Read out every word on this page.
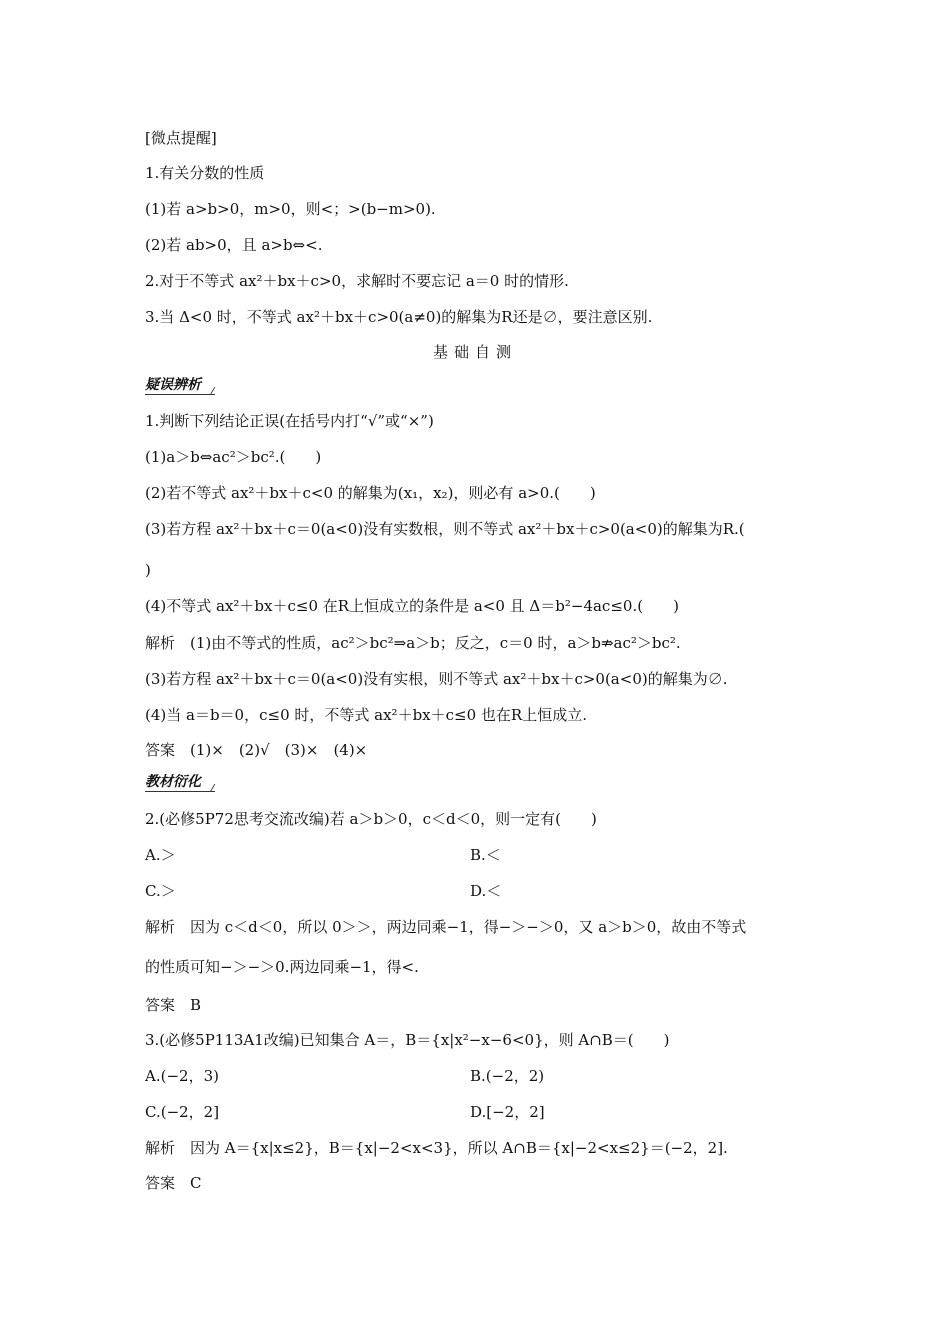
[微点提醒]
1.有关分数的性质
(1)若 a>b>0，m>0，则<；>(b−m>0).
(2)若 ab>0，且 a>b⇔<.
2.对于不等式 ax²＋bx＋c>0，求解时不要忘记 a＝0 时的情形.
3.当 Δ<0 时，不等式 ax²＋bx＋c>0(a≠0)的解集为R还是∅，要注意区别.
基础自测
疑误辨析
1.判断下列结论正误(在括号内打“√”或“×”)
(1)a＞b⇔ac²＞bc².(　　)
(2)若不等式 ax²＋bx＋c<0 的解集为(x₁，x₂)，则必有 a>0.(　　)
(3)若方程 ax²＋bx＋c＝0(a<0)没有实数根，则不等式 ax²＋bx＋c>0(a<0)的解集为R.(
)
(4)不等式 ax²＋bx＋c≤0 在R上恒成立的条件是 a<0 且 Δ＝b²−4ac≤0.(　　)
解析　(1)由不等式的性质，ac²＞bc²⇒a＞b；反之，c＝0 时，a＞b⇏ac²＞bc².
(3)若方程 ax²＋bx＋c＝0(a<0)没有实根，则不等式 ax²＋bx＋c>0(a<0)的解集为∅.
(4)当 a＝b＝0，c≤0 时，不等式 ax²＋bx＋c≤0 也在R上恒成立.
答案　(1)×　(2)√　(3)×　(4)×
教材衍化
2.(必修5P72思考交流改编)若 a＞b＞0，c＜d＜0，则一定有(　　)
A.＞	B.＜
C.＞	D.＜
解析　因为 c＜d＜0，所以 0＞＞，两边同乘−1，得−＞−＞0，又 a＞b＞0，故由不等式
的性质可知−＞−＞0.两边同乘−1，得<.
答案　B
3.(必修5P113A1改编)已知集合 A＝，B＝{x|x²−x−6<0}，则 A∩B＝(　　)
A.(−2，3)	B.(−2，2)
C.(−2，2]	D.[−2，2]
解析　因为 A＝{x|x≤2}，B＝{x|−2<x<3}，所以 A∩B＝{x|−2<x≤2}＝(−2，2].
答案　C
